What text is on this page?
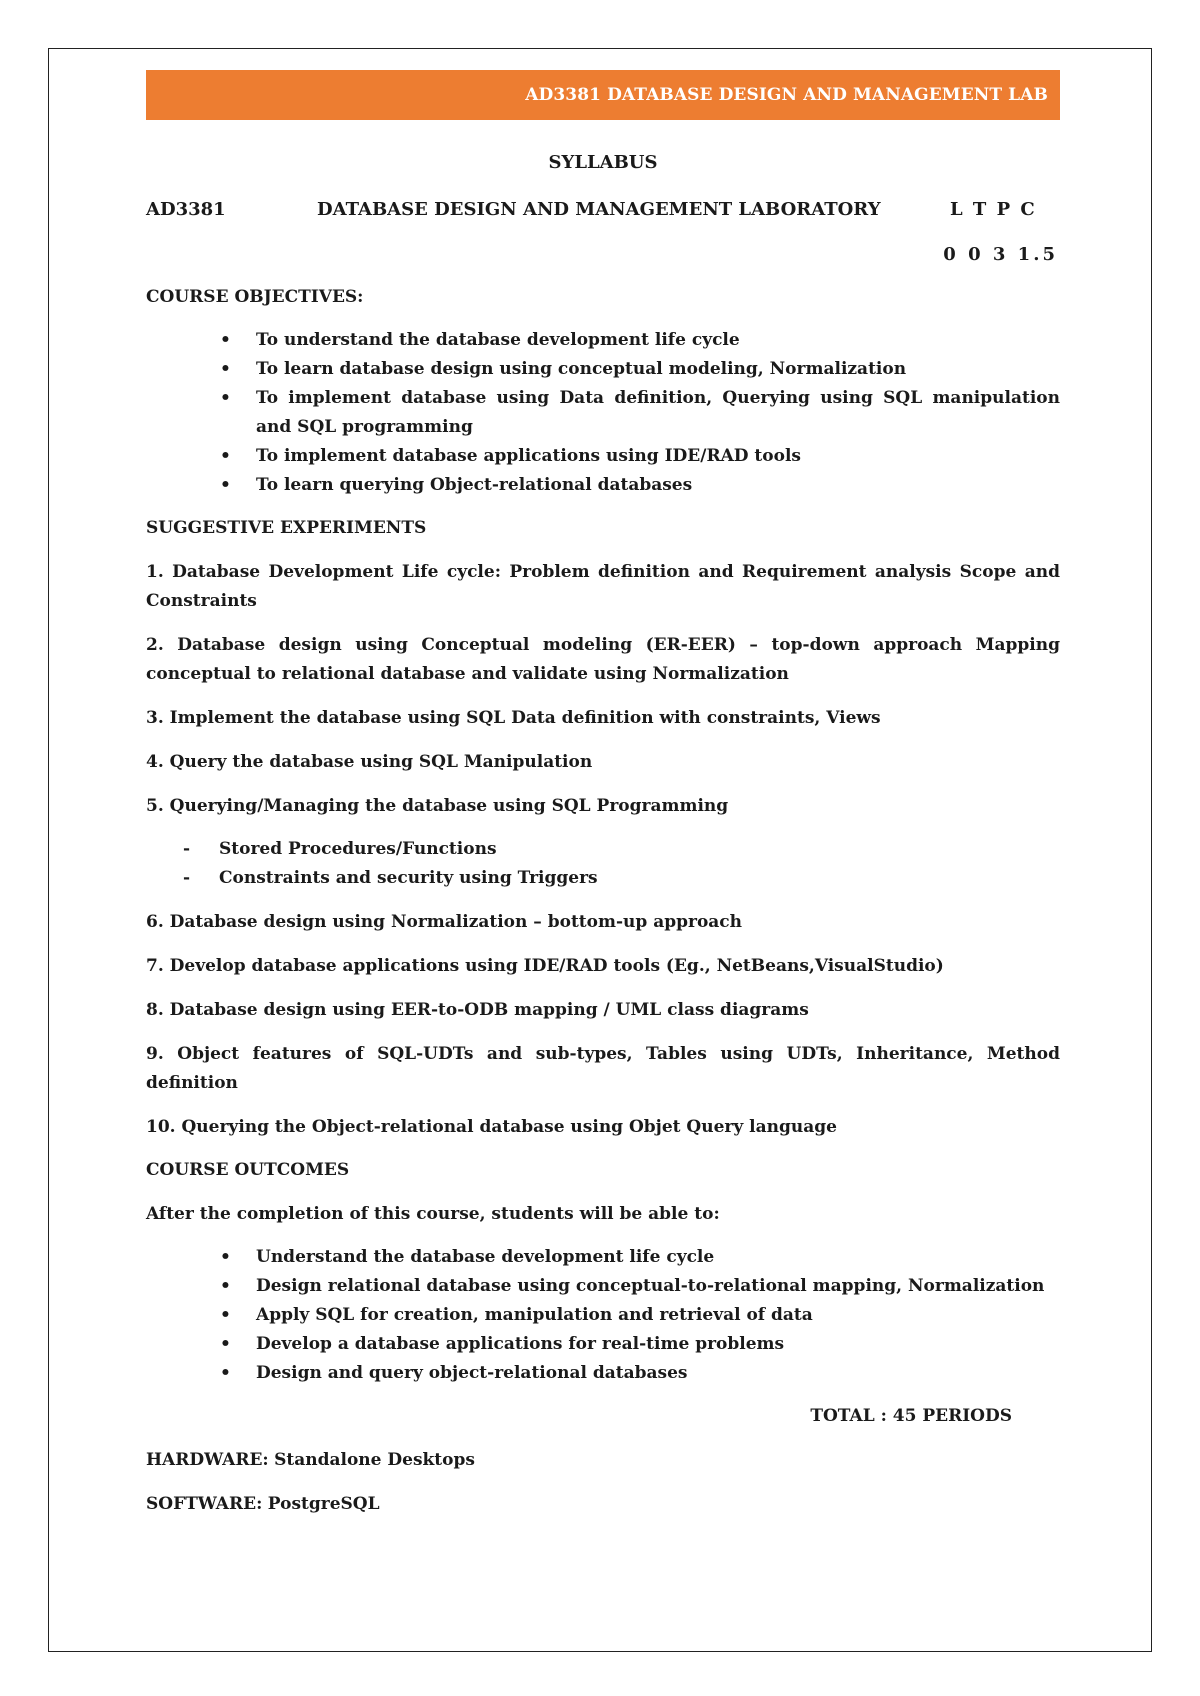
AD3381 DATABASE DESIGN AND MANAGEMENT LAB
SYLLABUS
AD3381	DATABASE DESIGN AND MANAGEMENT LABORATORY	L T P C
0 0 3 1.5
COURSE OBJECTIVES:
• To understand the database development life cycle
• To learn database design using conceptual modeling, Normalization
• To implement database using Data definition, Querying using SQL manipulation and SQL programming
• To implement database applications using IDE/RAD tools
• To learn querying Object-relational databases
SUGGESTIVE EXPERIMENTS

1. Database Development Life cycle: Problem definition and Requirement analysis Scope and Constraints

2. Database design using Conceptual modeling (ER-EER) – top-down approach Mapping conceptual to relational database and validate using Normalization

3. Implement the database using SQL Data definition with constraints, Views

4. Query the database using SQL Manipulation

5. Querying/Managing the database using SQL Programming

- Stored Procedures/Functions
- Constraints and security using Triggers

6. Database design using Normalization – bottom-up approach

7. Develop database applications using IDE/RAD tools (Eg., NetBeans,VisualStudio)

8. Database design using EER-to-ODB mapping / UML class diagrams

9. Object features of SQL-UDTs and sub-types, Tables using UDTs, Inheritance, Method definition

10. Querying the Object-relational database using Objet Query language

COURSE OUTCOMES
After the completion of this course, students will be able to:
• Understand the database development life cycle
• Design relational database using conceptual-to-relational mapping, Normalization
• Apply SQL for creation, manipulation and retrieval of data
• Develop a database applications for real-time problems
• Design and query object-relational databases
TOTAL : 45 PERIODS
HARDWARE: Standalone Desktops
SOFTWARE: PostgreSQL
